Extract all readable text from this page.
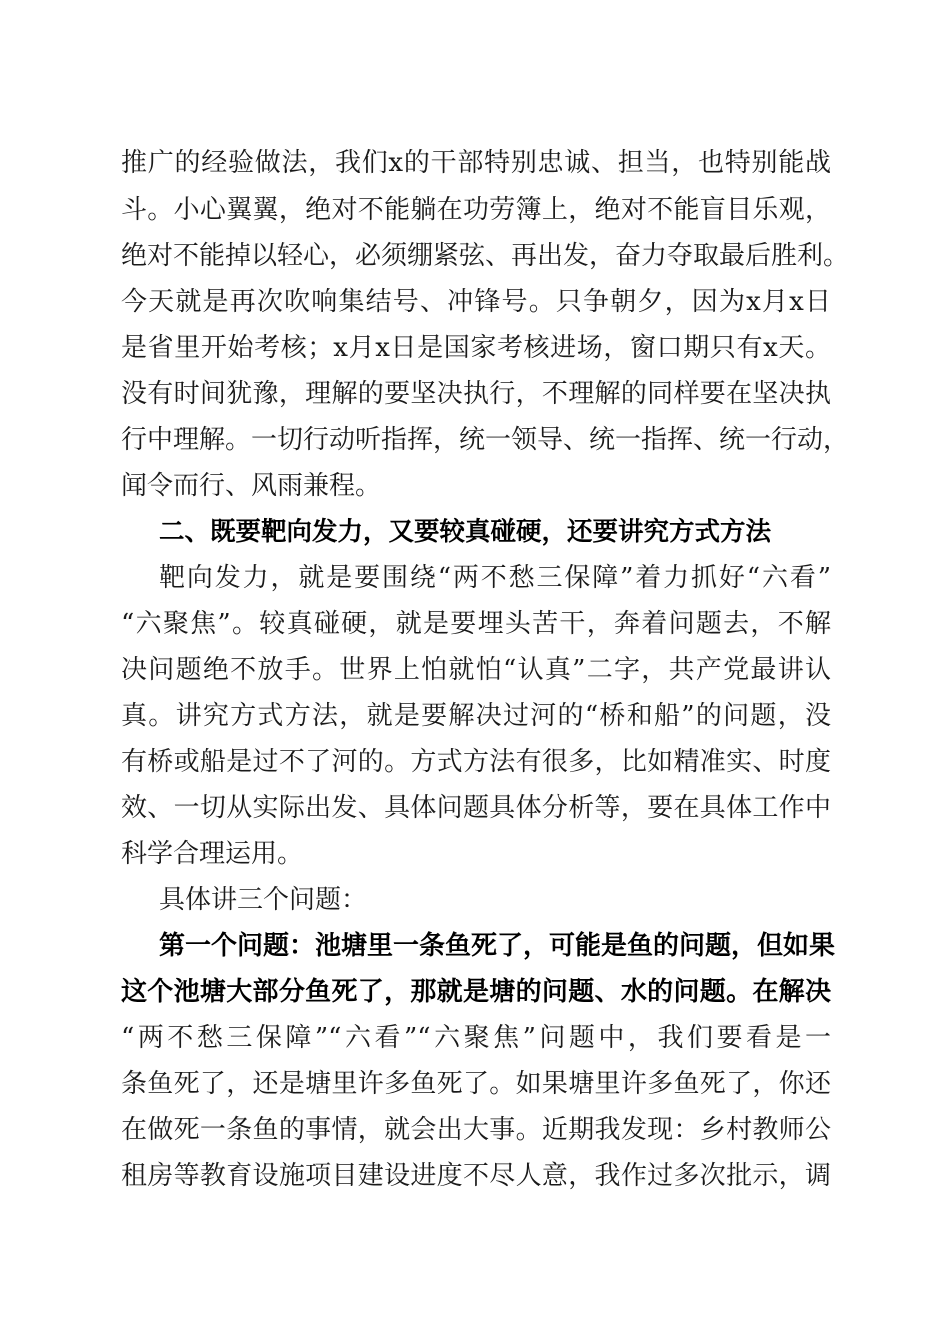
推广的经验做法，我们x的干部特别忠诚、担当，也特别能战
斗。小心翼翼，绝对不能躺在功劳簿上，绝对不能盲目乐观，
绝对不能掉以轻心，必须绷紧弦、再出发，奋力夺取最后胜利。
今天就是再次吹响集结号、冲锋号。只争朝夕，因为x月x日
是省里开始考核；x月x日是国家考核进场，窗口期只有x天。
没有时间犹豫，理解的要坚决执行，不理解的同样要在坚决执
行中理解。一切行动听指挥，统一领导、统一指挥、统一行动，
闻令而行、风雨兼程。
二、既要靶向发力，又要较真碰硬，还要讲究方式方法
靶向发力，就是要围绕“两不愁三保障”着力抓好“六看”
“六聚焦”。较真碰硬，就是要埋头苦干，奔着问题去，不解
决问题绝不放手。世界上怕就怕“认真”二字，共产党最讲认
真。讲究方式方法，就是要解决过河的“桥和船”的问题，没
有桥或船是过不了河的。方式方法有很多，比如精准实、时度
效、一切从实际出发、具体问题具体分析等，要在具体工作中
科学合理运用。
具体讲三个问题：
第一个问题：池塘里一条鱼死了，可能是鱼的问题，但如果
这个池塘大部分鱼死了，那就是塘的问题、水的问题。在解决
“两不愁三保障”“六看”“六聚焦”问题中，我们要看是一
条鱼死了，还是塘里许多鱼死了。如果塘里许多鱼死了，你还
在做死一条鱼的事情，就会出大事。近期我发现：乡村教师公
租房等教育设施项目建设进度不尽人意，我作过多次批示，调
